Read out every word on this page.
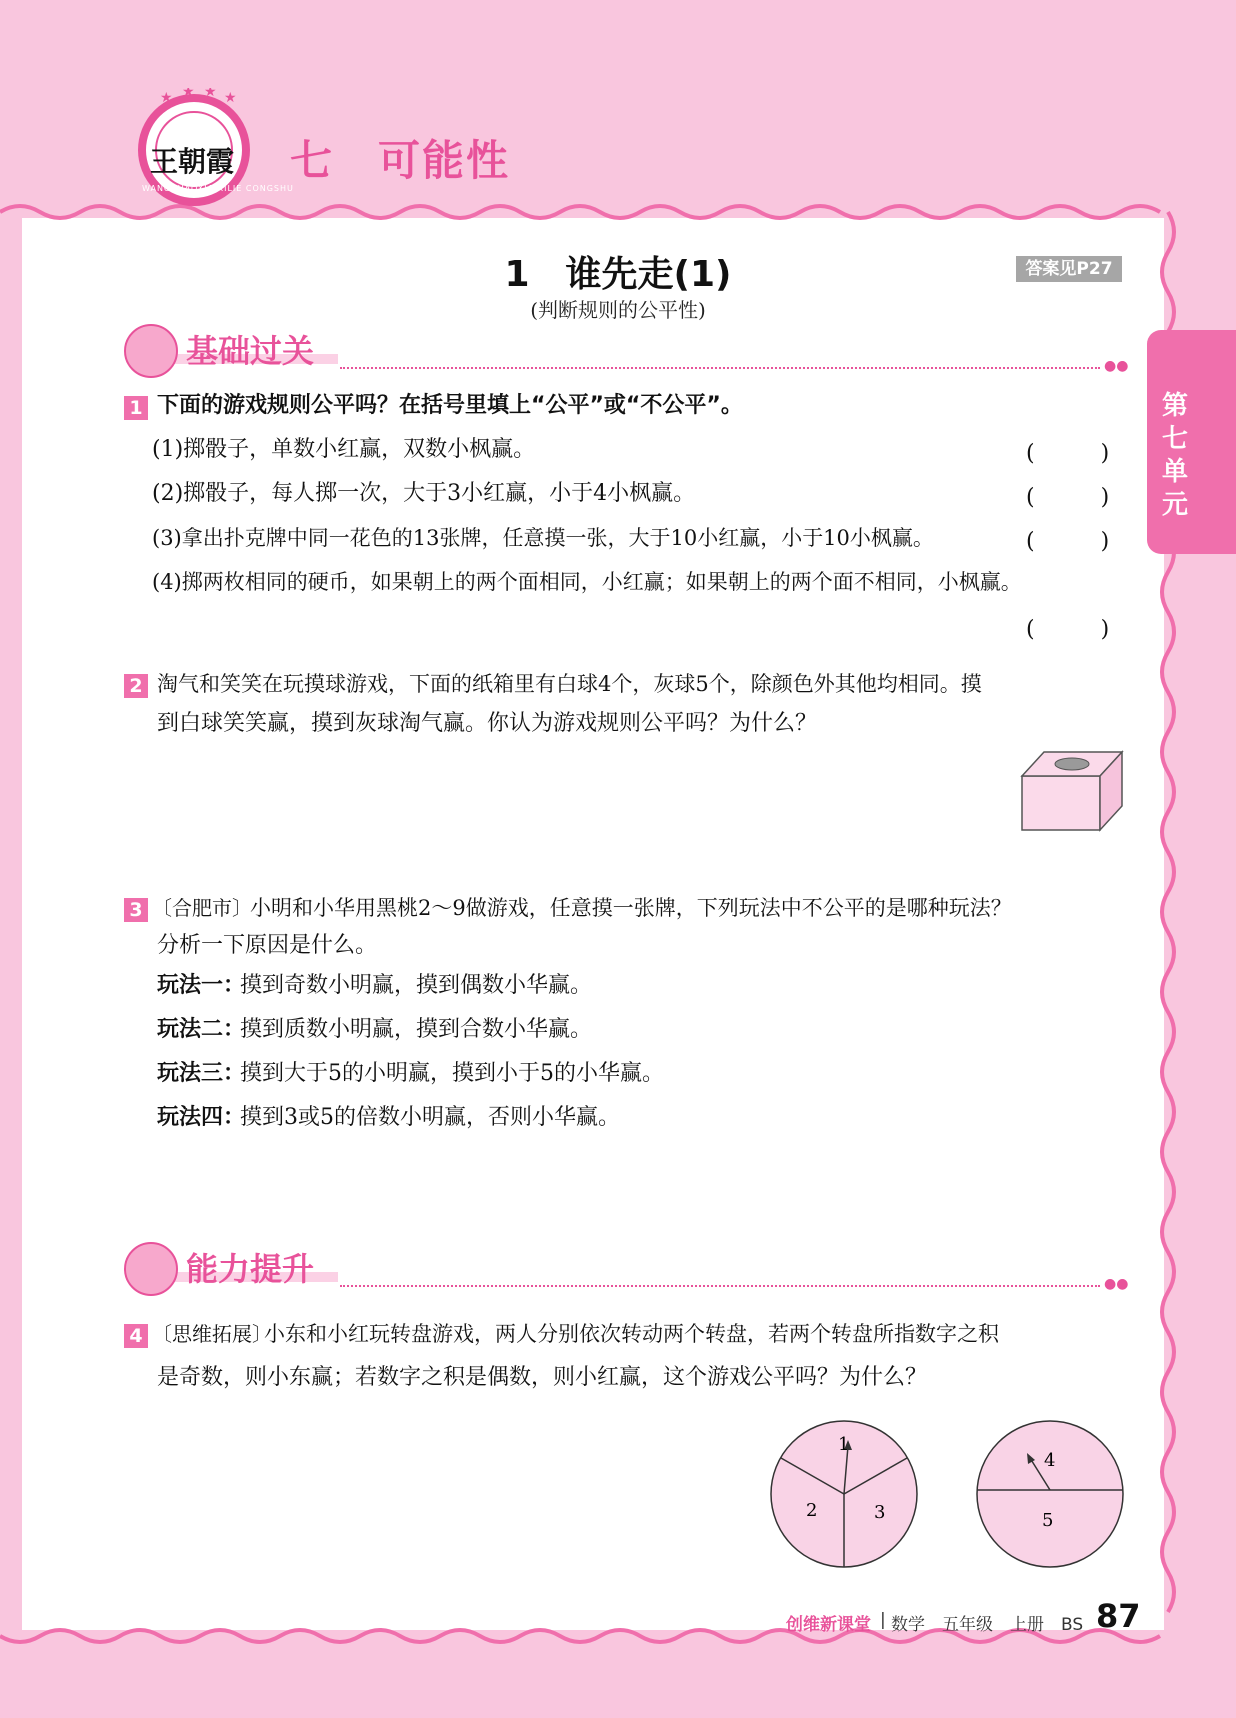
★ ★ ★ ★
王朝霞
WANGZHAOXIA XILIE CONGSHU
七　可能性
第七单元
1　谁先走(1)
(判断规则的公平性)
答案见P27
基础过关	●●
1 下面的游戏规则公平吗？在括号里填上“公平”或“不公平”。
(1)掷骰子，单数小红赢，双数小枫赢。	(　　　)
(2)掷骰子，每人掷一次，大于3小红赢，小于4小枫赢。	(　　　)
(3)拿出扑克牌中同一花色的13张牌，任意摸一张，大于10小红赢，小于10小枫赢。	(　　　)
(4)掷两枚相同的硬币，如果朝上的两个面相同，小红赢；如果朝上的两个面不相同，小枫赢。
(　　　)
2 淘气和笑笑在玩摸球游戏，下面的纸箱里有白球4个，灰球5个，除颜色外其他均相同。摸
到白球笑笑赢，摸到灰球淘气赢。你认为游戏规则公平吗？为什么？
3 〔合肥市〕
小明和小华用黑桃2～9做游戏，任意摸一张牌，下列玩法中不公平的是哪种玩法？
分析一下原因是什么。
玩法一：
摸到奇数小明赢，摸到偶数小华赢。
玩法二：
摸到质数小明赢，摸到合数小华赢。
玩法三：
摸到大于5的小明赢，摸到小于5的小华赢。
玩法四：
摸到3或5的倍数小明赢，否则小华赢。
能力提升	●●
4 〔思维拓展〕
小东和小红玩转盘游戏，两人分别依次转动两个转盘，若两个转盘所指数字之积
是奇数，则小东赢；若数字之积是偶数，则小红赢，这个游戏公平吗？为什么？
1
2	3
4
5
创维新课堂 | 数学　五年级　上册　BS 87
